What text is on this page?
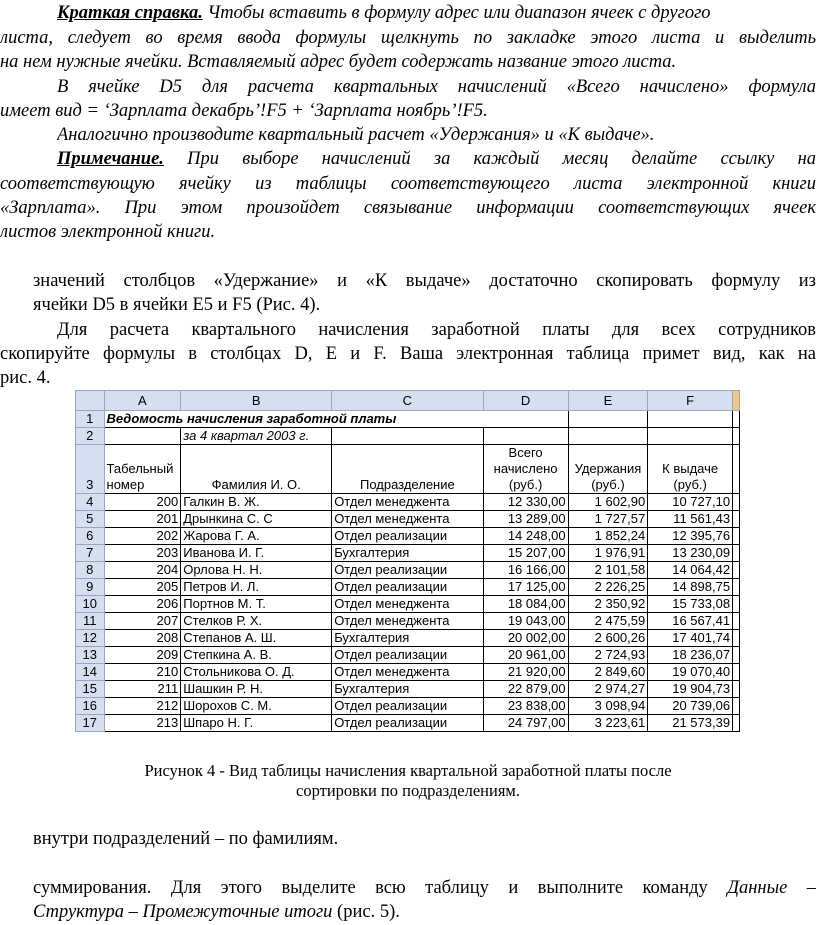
Краткая справка. Чтобы вставить в формулу адрес или диапазон ячеек с другого
листа, следует во время ввода формулы щелкнуть по закладке этого листа и выделить
на нем нужные ячейки. Вставляемый адрес будет содержать название этого листа.
В ячейке D5 для расчета квартальных начислений «Всего начислено» формула
имеет вид = ‘Зарплата декабрь’!F5 + ‘Зарплата ноябрь’!F5.
Аналогично производите квартальный расчет «Удержания» и «К выдаче».
Примечание. При выборе начислений за каждый месяц делайте ссылку на
соответствующую ячейку из таблицы соответствующего листа электронной книги
«Зарплата». При этом произойдет связывание информации соответствующих ячеек
листов электронной книги.
значений столбцов «Удержание» и «К выдаче» достаточно скопировать формулу из
ячейки D5 в ячейки E5 и F5 (Рис. 4).
Для расчета квартального начисления заработной платы для всех сотрудников
скопируйте формулы в столбцах D, E и F. Ваша электронная таблица примет вид, как на
рис. 4.
	A	B	C	D	E	F	
1	Ведомость начисления заработной платы						
2		за 4 квартал 2003 г.					
3	Табельный номер	Фамилия И. О.	Подразделение	Всего начислено (руб.)	Удержания (руб.)	К выдаче (руб.)	
4	200	Галкин В. Ж.	Отдел менеджента	12 330,00	1 602,90	10 727,10	
5	201	Дрынкина С. С	Отдел менеджента	13 289,00	1 727,57	11 561,43	
6	202	Жарова Г. А.	Отдел реализации	14 248,00	1 852,24	12 395,76	
7	203	Иванова И. Г.	Бухгалтерия	15 207,00	1 976,91	13 230,09	
8	204	Орлова Н. Н.	Отдел реализации	16 166,00	2 101,58	14 064,42	
9	205	Петров И. Л.	Отдел реализации	17 125,00	2 226,25	14 898,75	
10	206	Портнов М. Т.	Отдел менеджента	18 084,00	2 350,92	15 733,08	
11	207	Стелков Р. Х.	Отдел менеджента	19 043,00	2 475,59	16 567,41	
12	208	Степанов А. Ш.	Бухгалтерия	20 002,00	2 600,26	17 401,74	
13	209	Степкина А. В.	Отдел реализации	20 961,00	2 724,93	18 236,07	
14	210	Стольникова О. Д.	Отдел менеджента	21 920,00	2 849,60	19 070,40	
15	211	Шашкин Р. Н.	Бухгалтерия	22 879,00	2 974,27	19 904,73	
16	212	Шорохов С. М.	Отдел реализации	23 838,00	3 098,94	20 739,06	
17	213	Шпаро Н. Г.	Отдел реализации	24 797,00	3 223,61	21 573,39	
Рисунок 4 - Вид таблицы начисления квартальной заработной платы после
сортировки по подразделениям.
внутри подразделений – по фамилиям.
суммирования. Для этого выделите всю таблицу и выполните команду Данные –
Структура – Промежуточные итоги (рис. 5).
